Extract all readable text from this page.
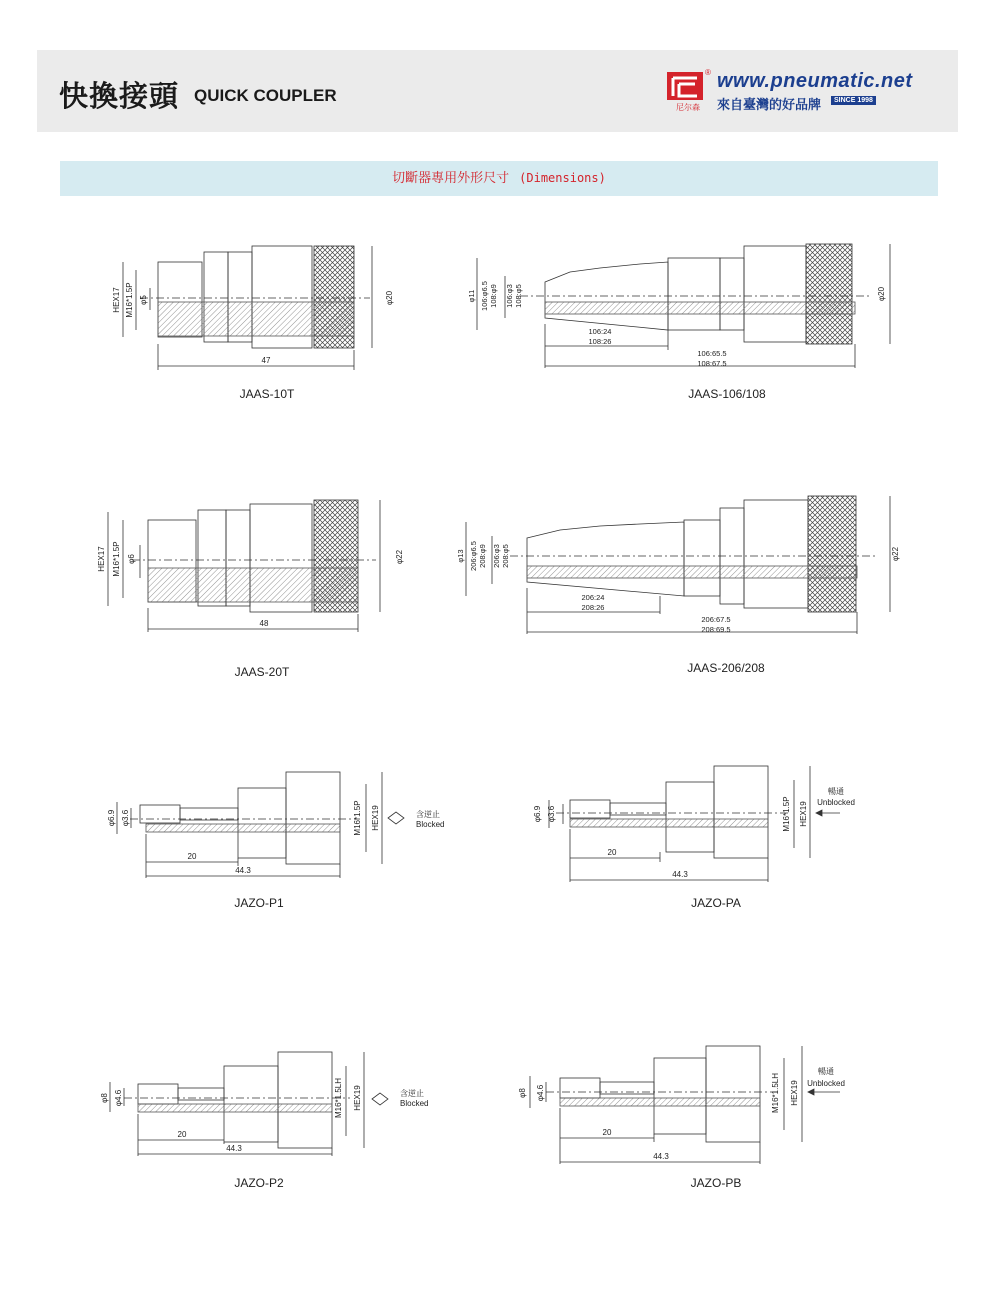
快換接頭 QUICK COUPLER
® www.pneumatic.net
來自臺灣的好品牌	SINCE 1998
尼尔森
切斷器專用外形尺寸 (Dimensions)
47
HEX17 M16*1.5P φ5	φ20	φ11 106:φ6.5 108:φ9 106:φ3 108:φ5
106:24
108:26
106:65.5
108:67.5
φ20
48
HEX17 M16*1.5P φ6	φ22	φ13 206:φ6.5 208:φ9 206:φ3 208:φ5
206:24
208:26
206:67.5
208:69.5
φ22
φ6.9 φ3.6	M16*1.5P HEX19
20
44.3
含逆止
Blocked
φ6.9 φ3.6	M16*1.5P HEX19
20
44.3
暢通
Unblocked
φ8 φ4.6	M16*1.5LH HEX19
20
44.3
含逆止
Blocked
φ8 φ4.6	M16*1.5LH HEX19
20
44.3
暢通
Unblocked
JAAS-10T	JAAS-106/108
JAAS-20T	JAAS-206/208
JAZO-P1	JAZO-PA
JAZO-P2	JAZO-PB
